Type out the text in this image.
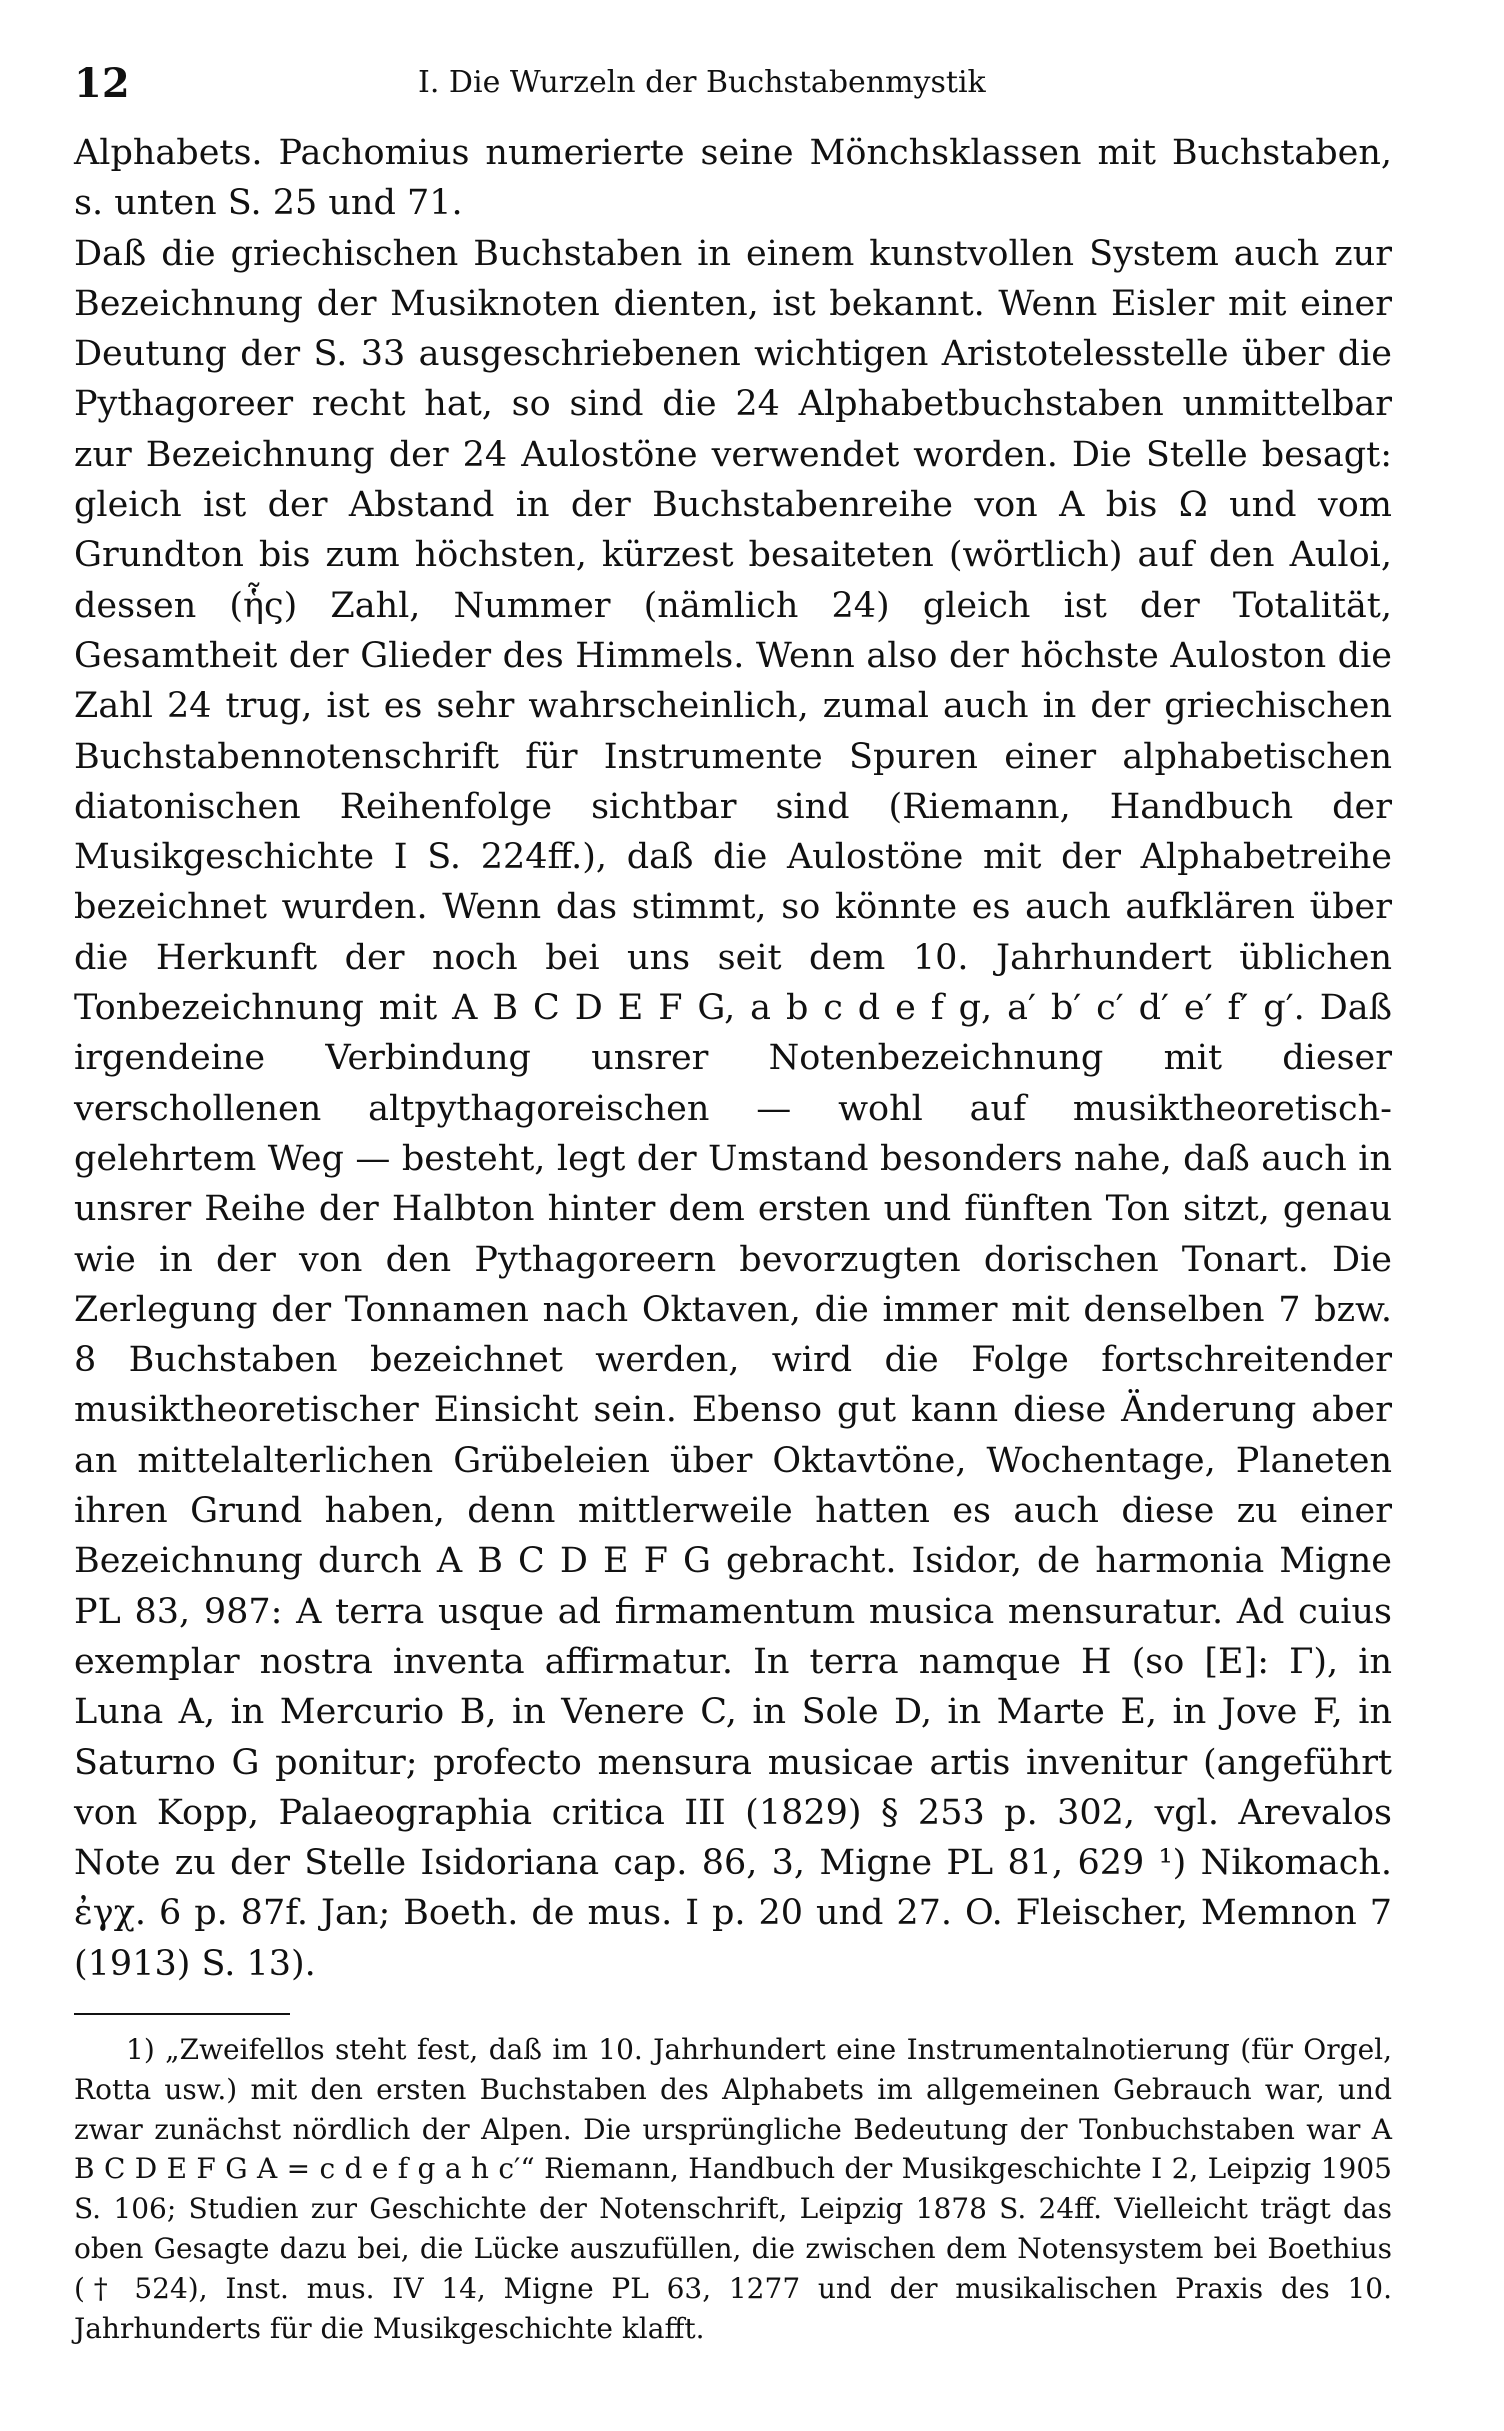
12	I. Die Wurzeln der Buchstabenmystik

Alphabets. Pachomius numerierte seine Mönchsklassen mit Buchstaben, s. unten S. 25 und 71.

Daß die griechischen Buchstaben in einem kunstvollen System auch zur Bezeichnung der Musiknoten dienten, ist bekannt. Wenn Eisler mit einer Deutung der S. 33 ausgeschriebenen wichtigen Aristotelesstelle über die Pythagoreer recht hat, so sind die 24 Alphabetbuchstaben unmittelbar zur Bezeichnung der 24 Aulostöne verwendet worden. Die Stelle besagt: gleich ist der Abstand in der Buchstabenreihe von A bis Ω und vom Grundton bis zum höchsten, kürzest besaiteten (wörtlich) auf den Auloi, dessen (ἧς) Zahl, Nummer (nämlich 24) gleich ist der Totalität, Gesamtheit der Glieder des Himmels. Wenn also der höchste Auloston die Zahl 24 trug, ist es sehr wahrscheinlich, zumal auch in der griechischen Buchstabennotenschrift für Instrumente Spuren einer alphabetischen diatonischen Reihenfolge sichtbar sind (Riemann, Handbuch der Musikgeschichte I S. 224ff.), daß die Aulostöne mit der Alphabetreihe bezeichnet wurden. Wenn das stimmt, so könnte es auch aufklären über die Herkunft der noch bei uns seit dem 10. Jahrhundert üblichen Tonbezeichnung mit A B C D E F G, a b c d e f g, a′ b′ c′ d′ e′ f′ g′. Daß irgendeine Verbindung unsrer Notenbezeichnung mit dieser verschollenen altpythagoreischen — wohl auf musiktheoretisch-gelehrtem Weg — besteht, legt der Umstand besonders nahe, daß auch in unsrer Reihe der Halbton hinter dem ersten und fünften Ton sitzt, genau wie in der von den Pythagoreern bevorzugten dorischen Tonart. Die Zerlegung der Tonnamen nach Oktaven, die immer mit denselben 7 bzw. 8 Buchstaben bezeichnet werden, wird die Folge fortschreitender musiktheoretischer Einsicht sein. Ebenso gut kann diese Änderung aber an mittelalterlichen Grübeleien über Oktavtöne, Wochentage, Planeten ihren Grund haben, denn mittlerweile hatten es auch diese zu einer Bezeichnung durch A B C D E F G gebracht. Isidor, de harmonia Migne PL 83, 987: A terra usque ad firmamentum musica mensuratur. Ad cuius exemplar nostra inventa affirmatur. In terra namque H (so [E]: Γ), in Luna A, in Mercurio B, in Venere C, in Sole D, in Marte E, in Jove F, in Saturno G ponitur; profecto mensura musicae artis invenitur (angeführt von Kopp, Palaeographia critica III (1829) § 253 p. 302, vgl. Arevalos Note zu der Stelle Isidoriana cap. 86, 3, Migne PL 81, 629 ¹) Nikomach. ἐγχ. 6 p. 87f. Jan; Boeth. de mus. I p. 20 und 27. O. Fleischer, Memnon 7 (1913) S. 13).

1) „Zweifellos steht fest, daß im 10. Jahrhundert eine Instrumentalnotierung (für Orgel, Rotta usw.) mit den ersten Buchstaben des Alphabets im allgemeinen Gebrauch war, und zwar zunächst nördlich der Alpen. Die ursprüngliche Bedeutung der Tonbuchstaben war A B C D E F G A = c d e f g a h c′“ Riemann, Handbuch der Musikgeschichte I 2, Leipzig 1905 S. 106; Studien zur Geschichte der Notenschrift, Leipzig 1878 S. 24ff. Vielleicht trägt das oben Gesagte dazu bei, die Lücke auszufüllen, die zwischen dem Notensystem bei Boethius († 524), Inst. mus. IV 14, Migne PL 63, 1277 und der musikalischen Praxis des 10. Jahrhunderts für die Musikgeschichte klafft.
